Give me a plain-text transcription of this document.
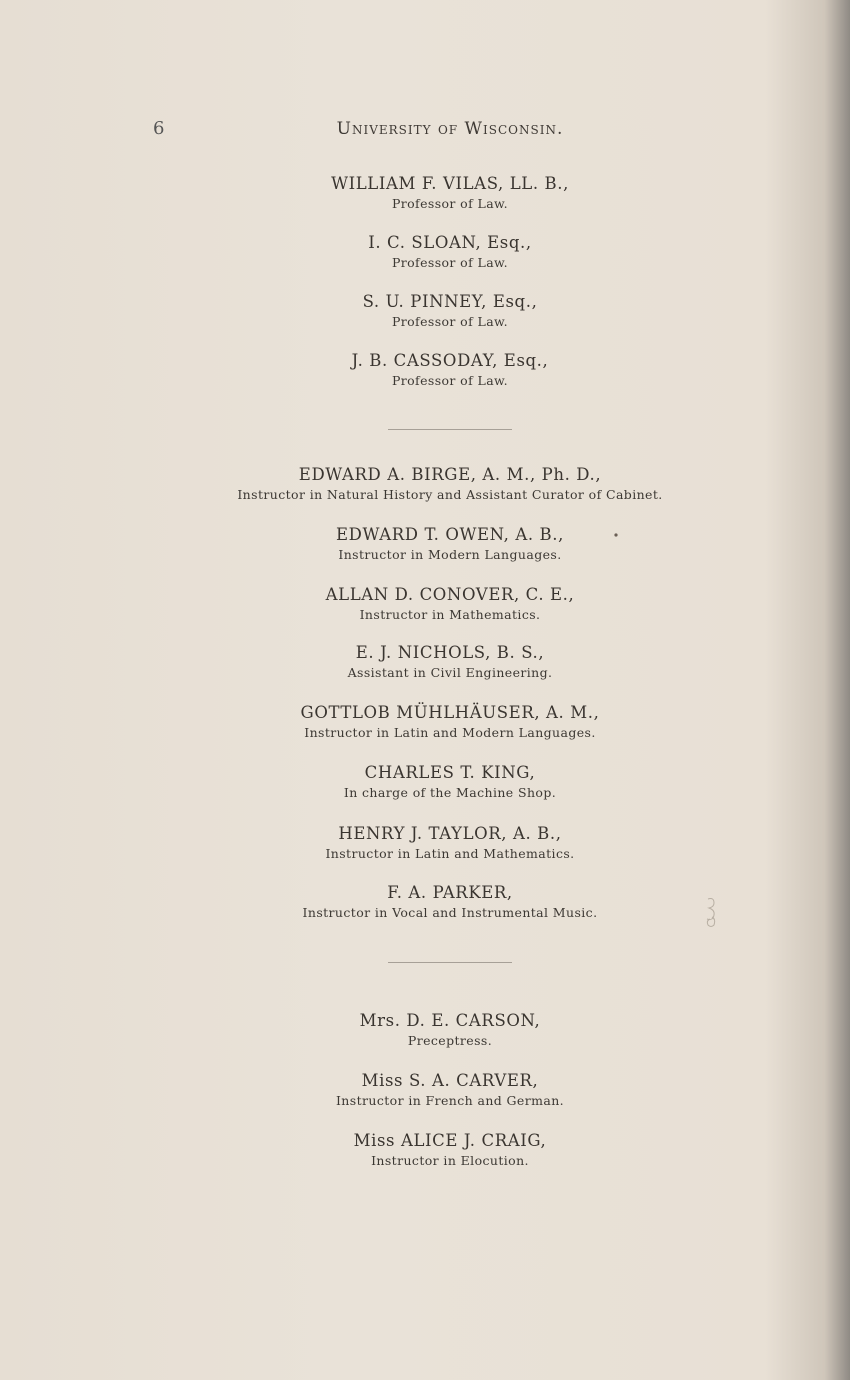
6	University of Wisconsin.
WILLIAM F. VILAS, LL. B.,
Professor of Law.
I. C. SLOAN, Esq.,
Professor of Law.
S. U. PINNEY, Esq.,
Professor of Law.
J. B. CASSODAY, Esq.,
Professor of Law.
EDWARD A. BIRGE, A. M., Ph. D.,
Instructor in Natural History and Assistant Curator of Cabinet.
EDWARD T. OWEN, A. B.,
Instructor in Modern Languages.
ALLAN D. CONOVER, C. E.,
Instructor in Mathematics.
E. J. NICHOLS, B. S.,
Assistant in Civil Engineering.
GOTTLOB MÜHLHÄUSER, A. M.,
Instructor in Latin and Modern Languages.
CHARLES T. KING,
In charge of the Machine Shop.
HENRY J. TAYLOR, A. B.,
Instructor in Latin and Mathematics.
F. A. PARKER,
Instructor in Vocal and Instrumental Music.
Mrs. D. E. CARSON,
Preceptress.
Miss S. A. CARVER,
Instructor in French and German.
Miss ALICE J. CRAIG,
Instructor in Elocution.
